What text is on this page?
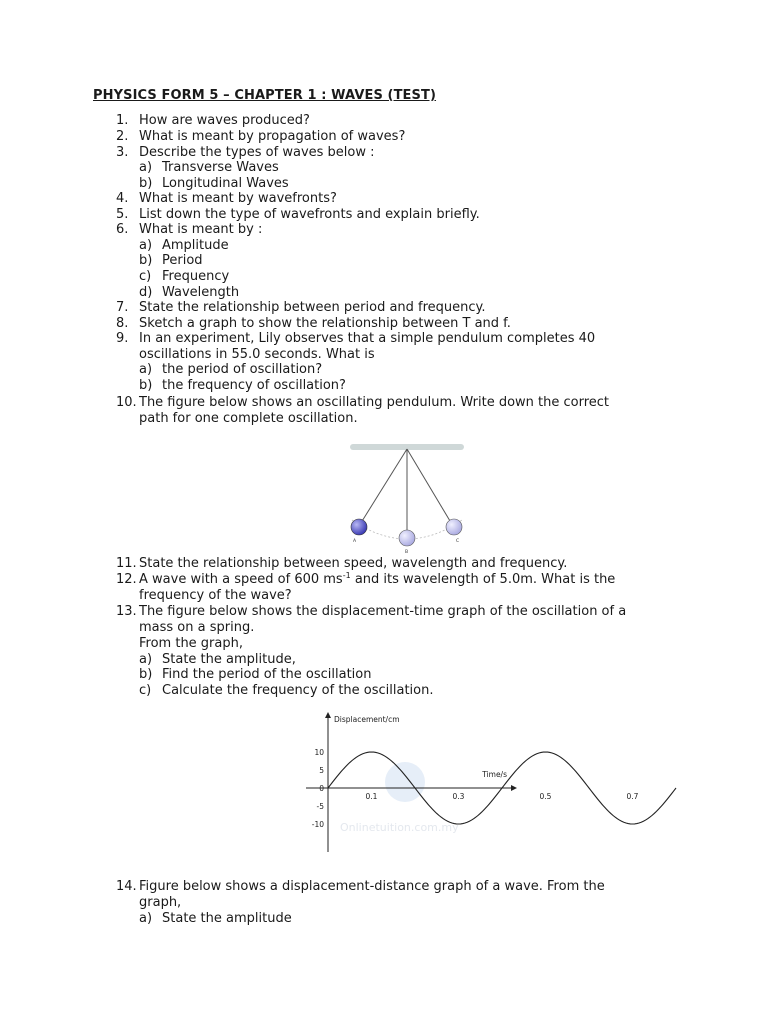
PHYSICS FORM 5 – CHAPTER 1 : WAVES (TEST)
1. How are waves produced?
2. What is meant by propagation of waves?
3. Describe the types of waves below :
a) Transverse Waves
b) Longitudinal Waves
4. What is meant by wavefronts?
5. List down the type of wavefronts and explain briefly.
6. What is meant by :
a) Amplitude
b) Period
c) Frequency
d) Wavelength
7. State the relationship between period and frequency.
8. Sketch a graph to show the relationship between T and f.
9. In an experiment, Lily observes that a simple pendulum completes 40
oscillations in 55.0 seconds. What is
a) the period of oscillation?
b) the frequency of oscillation?
10. The figure below shows an oscillating pendulum. Write down the correct
path for one complete oscillation.
A
B
C
11. State the relationship between speed, wavelength and frequency.
12. A wave with a speed of 600 $ms^{-1}$ and its wavelength of 5.0m. What is the
frequency of the wave?
13. The figure below shows the displacement-time graph of the oscillation of a
mass on a spring.
From the graph,
a) State the amplitude,
b) Find the period of the oscillation
c) Calculate the frequency of the oscillation.
Onlinetuition.com.my
Displacement/cm
Time/s
10
5
0
-5
-10
0.1	0.3	0.5	0.7
14. Figure below shows a displacement-distance graph of a wave. From the
graph,
a) State the amplitude
